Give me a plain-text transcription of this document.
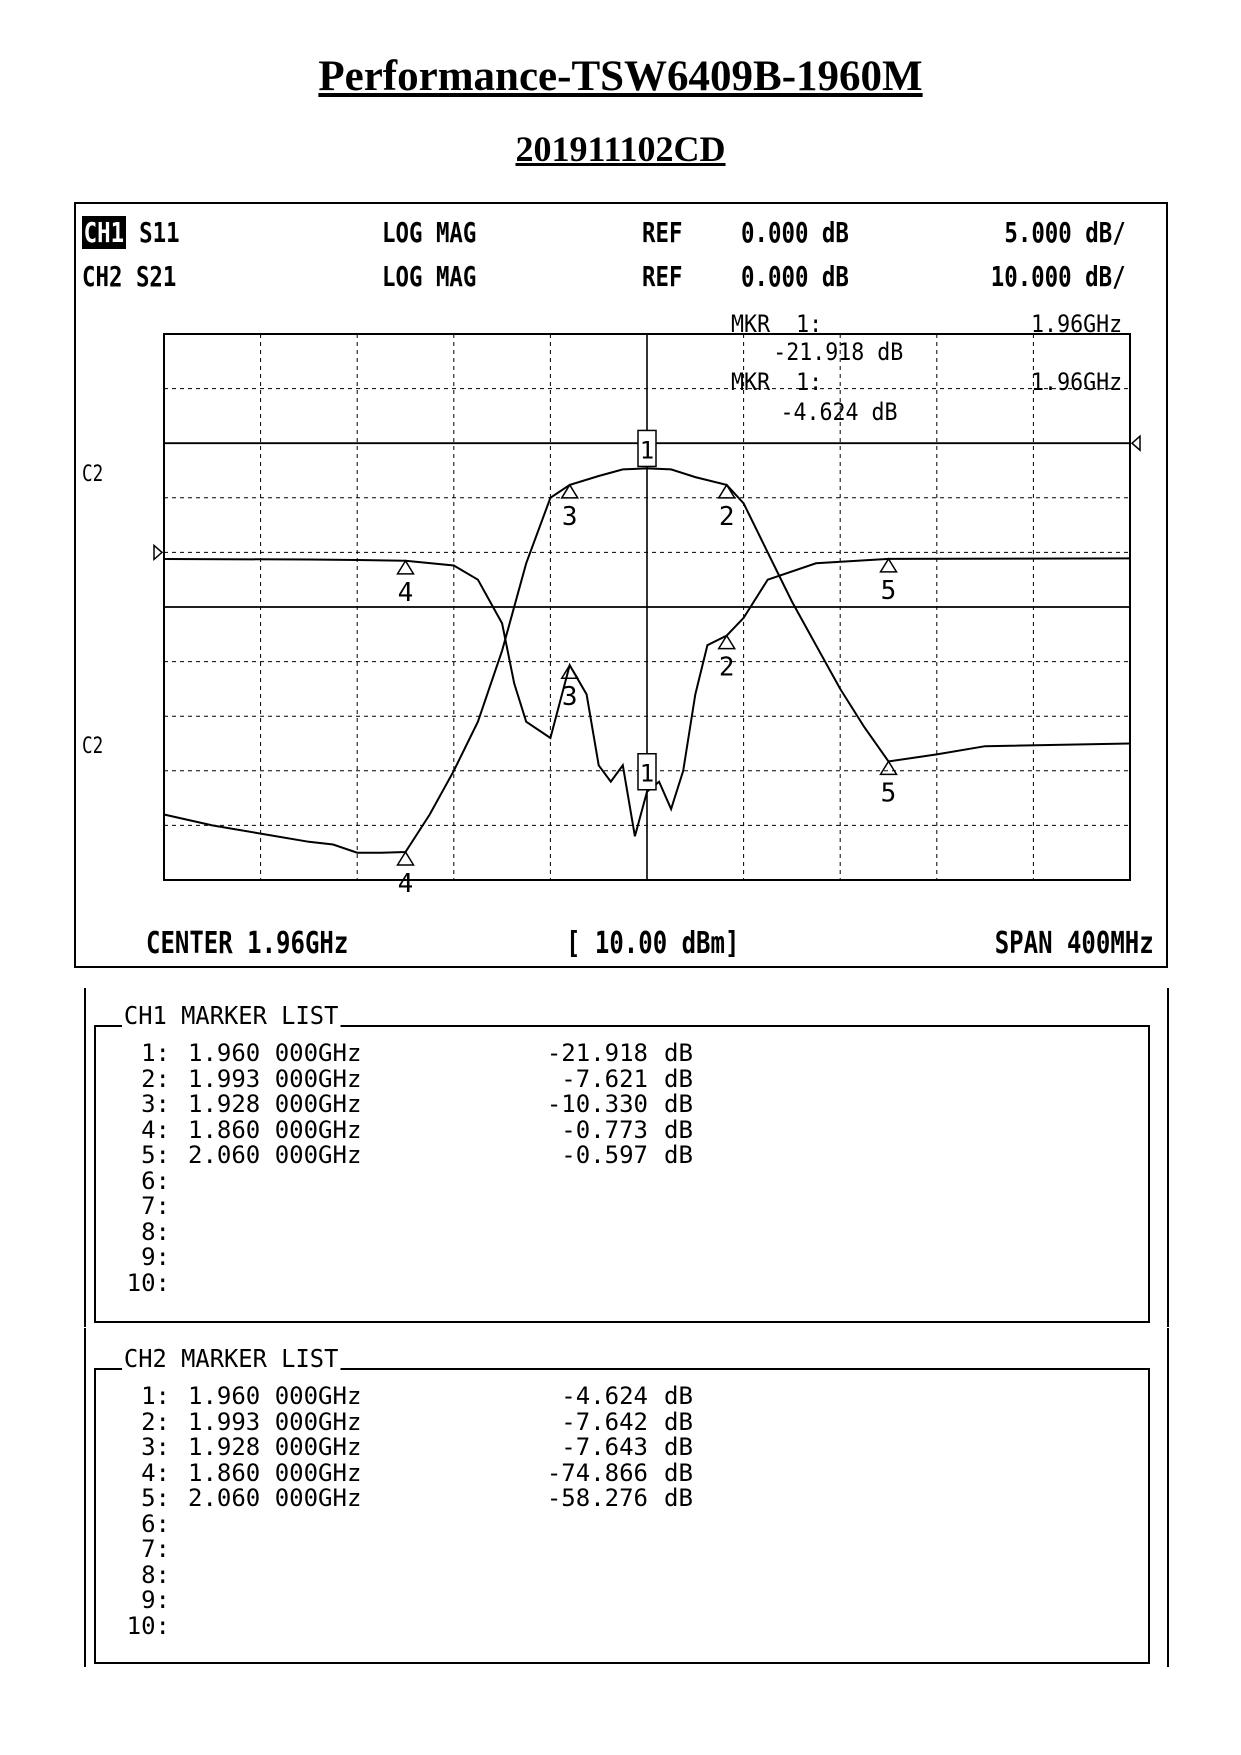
Performance-TSW6409B-1960M
201911102CD
1
1
2
2
3
3
4
4
5
5
CH1 S11	LOG MAG	REF 0.000 dB	5.000 dB/
CH2 S21	LOG MAG	REF 0.000 dB	10.000 dB/
MKR  1:	1.96GHz
-21.918 dB
MKR  1:	1.96GHz
-4.624 dB
C2
C2
CENTER 1.96GHz	[ 10.00 dBm]	SPAN 400MHz
CH1 MARKER LIST
1: 1.960 000GHz	-21.918 dB
2: 1.993 000GHz	-7.621 dB
3: 1.928 000GHz	-10.330 dB
4: 1.860 000GHz	-0.773 dB
5: 2.060 000GHz	-0.597 dB
6:
7:
8:
9:
10:
CH2 MARKER LIST
1: 1.960 000GHz	-4.624 dB
2: 1.993 000GHz	-7.642 dB
3: 1.928 000GHz	-7.643 dB
4: 1.860 000GHz	-74.866 dB
5: 2.060 000GHz	-58.276 dB
6:
7:
8:
9:
10:
